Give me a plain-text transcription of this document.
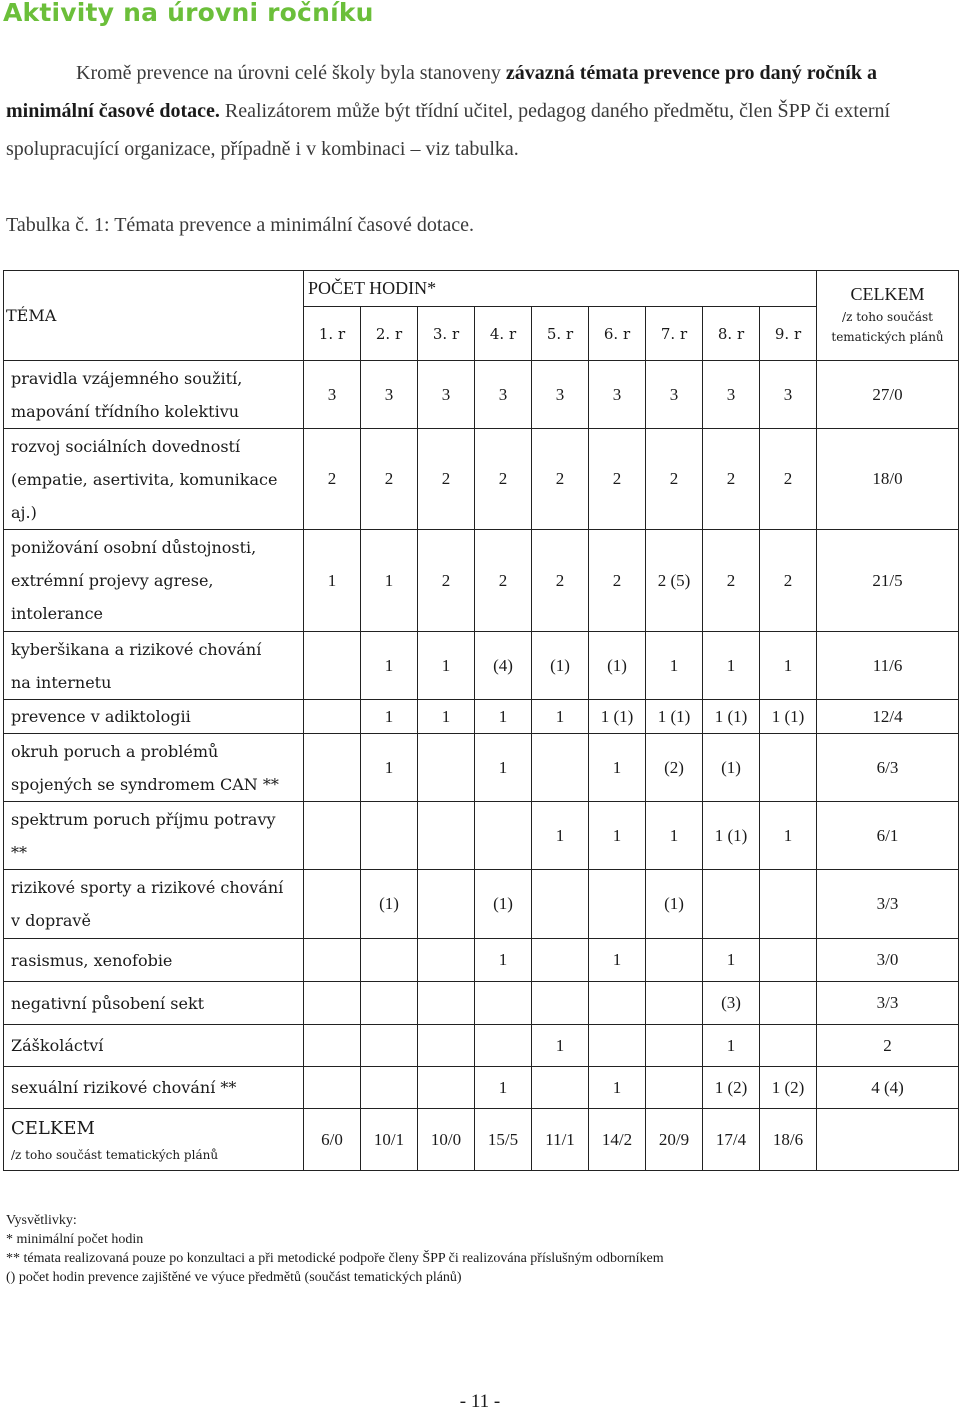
Aktivity na úrovni ročníku

Kromě prevence na úrovni celé školy byla stanoveny závazná témata prevence pro daný ročník a minimální časové dotace. Realizátorem může být třídní učitel, pedagog daného předmětu, člen ŠPP či externí spolupracující organizace, případně i v kombinaci – viz tabulka.

Tabulka č. 1: Témata prevence a minimální časové dotace.

TÉMA	POČET HODIN*									CELKEM
/z toho součást tematických plánů

	1. r	2. r	3. r	4. r	5. r	6. r	7. r	8. r	9. r	

pravidla vzájemného soužití,
mapování třídního kolektivu	3	3	3	3	3	3	3	3	3	27/0

rozvoj sociálních dovedností
(empatie, asertivita, komunikace
aj.)	2	2	2	2	2	2	2	2	2	18/0

ponižování osobní důstojnosti,
extrémní projevy agrese,
intolerance	1	1	2	2	2	2	2 (5)	2	2	21/5

kyberšikana a rizikové chování
na internetu		1	1	(4)	(1)	(1)	1	1	1	11/6

prevence v adiktologii		1	1	1	1	1 (1)	1 (1)	1 (1)	1 (1)	12/4

okruh poruch a problémů
spojených se syndromem CAN **		1		1		1	(2)	(1)		6/3

spektrum poruch příjmu potravy
**					1	1	1	1 (1)	1	6/1

rizikové sporty a rizikové chování
v dopravě		(1)		(1)			(1)			3/3

rasismus, xenofobie				1		1		1		3/0

negativní působení sekt								(3)		3/3

Záškoláctví					1			1		2

sexuální rizikové chování **				1		1		1 (2)	1 (2)	4 (4)

CELKEM
/z toho součást tematických plánů	6/0	10/1	10/0	15/5	11/1	14/2	20/9	17/4	18/6	
Vysvětlivky:
* minimální počet hodin
** témata realizovaná pouze po konzultaci a při metodické podpoře členy ŠPP či realizována příslušným odborníkem
() počet hodin prevence zajištěné ve výuce předmětů (součást tematických plánů)
- 11 -
